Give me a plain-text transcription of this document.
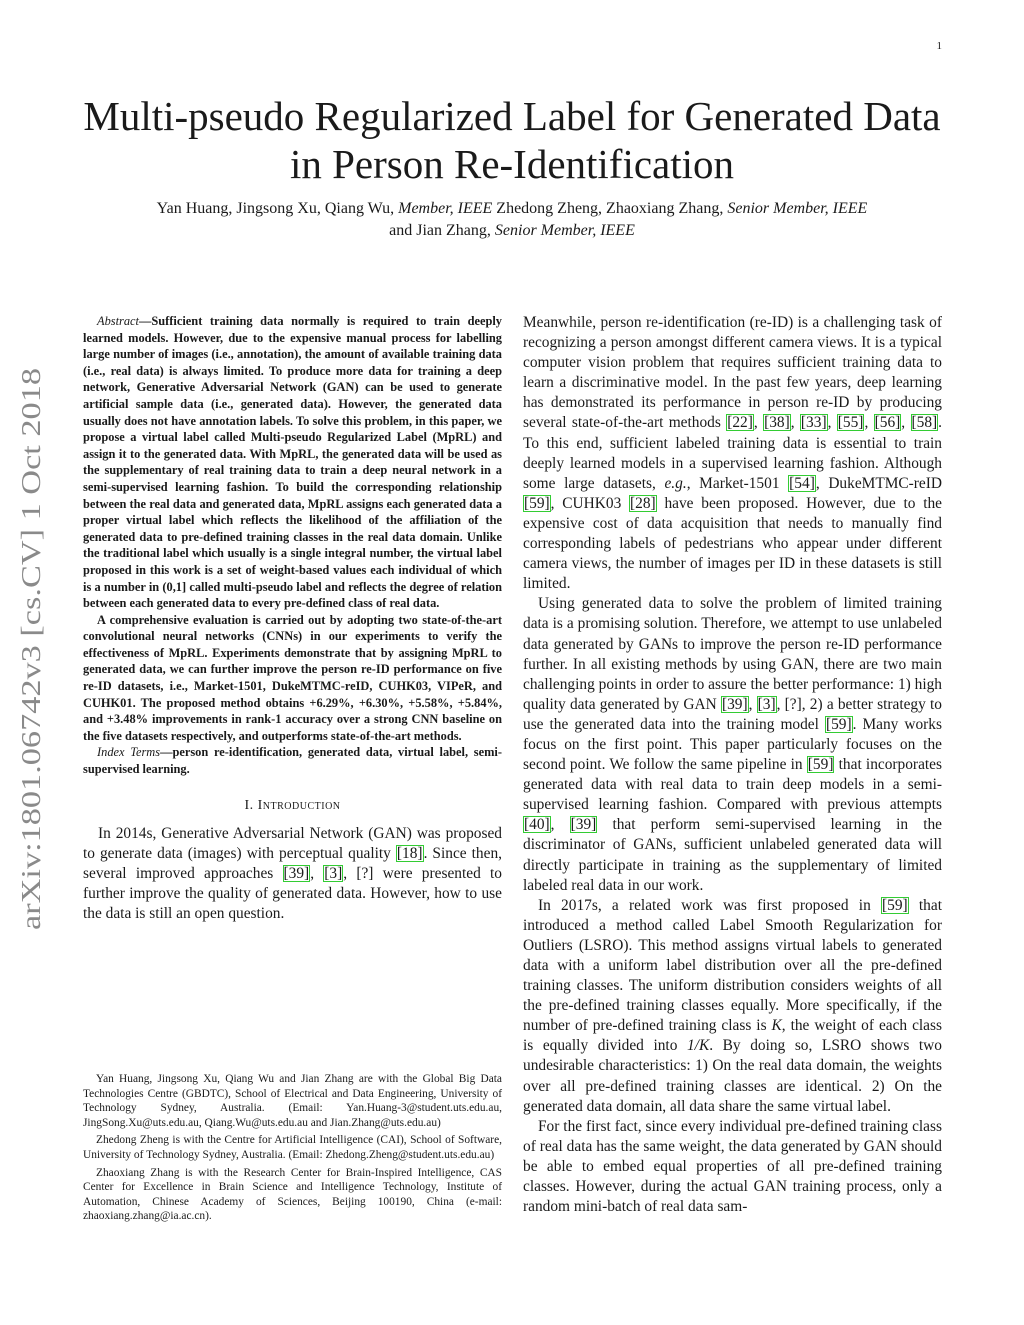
1
arXiv:1801.06742v3 [cs.CV] 1 Oct 2018
Multi-pseudo Regularized Label for Generated Data
in Person Re-Identification
Yan Huang, Jingsong Xu, Qiang Wu, Member, IEEE Zhedong Zheng, Zhaoxiang Zhang, Senior Member, IEEE
and Jian Zhang, Senior Member, IEEE

Abstract—Sufficient training data normally is required to train deeply learned models. However, due to the expensive manual process for labelling large number of images (i.e., annotation), the amount of available training data (i.e., real data) is always limited. To produce more data for training a deep network, Generative Adversarial Network (GAN) can be used to generate artificial sample data (i.e., generated data). However, the generated data usually does not have annotation labels. To solve this problem, in this paper, we propose a virtual label called Multi-pseudo Regularized Label (MpRL) and assign it to the generated data. With MpRL, the generated data will be used as the supplementary of real training data to train a deep neural network in a semi-supervised learning fashion. To build the corresponding relationship between the real data and generated data, MpRL assigns each generated data a proper virtual label which reflects the likelihood of the affiliation of the generated data to pre-defined training classes in the real data domain. Unlike the traditional label which usually is a single integral number, the virtual label proposed in this work is a set of weight-based values each individual of which is a number in (0,1] called multi-pseudo label and reflects the degree of relation between each generated data to every pre-defined class of real data.

A comprehensive evaluation is carried out by adopting two state-of-the-art convolutional neural networks (CNNs) in our experiments to verify the effectiveness of MpRL. Experiments demonstrate that by assigning MpRL to generated data, we can further improve the person re-ID performance on five re-ID datasets, i.e., Market-1501, DukeMTMC-reID, CUHK03, VIPeR, and CUHK01. The proposed method obtains +6.29%, +6.30%, +5.58%, +5.84%, and +3.48% improvements in rank-1 accuracy over a strong CNN baseline on the five datasets respectively, and outperforms state-of-the-art methods.

Index Terms—person re-identification, generated data, virtual label, semi-supervised learning.

I. Introduction

In 2014s, Generative Adversarial Network (GAN) was proposed to generate data (images) with perceptual quality [18]. Since then, several improved approaches [39], [3], [?] were presented to further improve the quality of generated data. However, how to use the data is still an open question.

Yan Huang, Jingsong Xu, Qiang Wu and Jian Zhang are with the Global Big Data Technologies Centre (GBDTC), School of Electrical and Data Engineering, University of Technology Sydney, Australia. (Email: Yan.Huang-3@student.uts.edu.au, JingSong.Xu@uts.edu.au, Qiang.Wu@uts.edu.au and Jian.Zhang@uts.edu.au)

Zhedong Zheng is with the Centre for Artificial Intelligence (CAI), School of Software, University of Technology Sydney, Australia. (Email: Zhedong.Zheng@student.uts.edu.au)

Zhaoxiang Zhang is with the Research Center for Brain-Inspired Intelligence, CAS Center for Excellence in Brain Science and Intelligence Technology, Institute of Automation, Chinese Academy of Sciences, Beijing 100190, China (e-mail: zhaoxiang.zhang@ia.ac.cn).

Meanwhile, person re-identification (re-ID) is a challenging task of recognizing a person amongst different camera views. It is a typical computer vision problem that requires sufficient training data to learn a discriminative model. In the past few years, deep learning has demonstrated its performance in person re-ID by producing several state-of-the-art methods [22], [38], [33], [55], [56], [58]. To this end, sufficient labeled training data is essential to train deeply learned models in a supervised learning fashion. Although some large datasets, e.g., Market-1501 [54], DukeMTMC-reID [59], CUHK03 [28] have been proposed. However, due to the expensive cost of data acquisition that needs to manually find corresponding labels of pedestrians who appear under different camera views, the number of images per ID in these datasets is still limited.

Using generated data to solve the problem of limited training data is a promising solution. Therefore, we attempt to use unlabeled data generated by GANs to improve the person re-ID performance further. In all existing methods by using GAN, there are two main challenging points in order to assure the better performance: 1) high quality data generated by GAN [39], [3], [?], 2) a better strategy to use the generated data into the training model [59]. Many works focus on the first point. This paper particularly focuses on the second point. We follow the same pipeline in [59] that incorporates generated data with real data to train deep models in a semi-supervised learning fashion. Compared with previous attempts [40], [39] that perform semi-supervised learning in the discriminator of GANs, sufficient unlabeled generated data will directly participate in training as the supplementary of limited labeled real data in our work.

In 2017s, a related work was first proposed in [59] that introduced a method called Label Smooth Regularization for Outliers (LSRO). This method assigns virtual labels to generated data with a uniform label distribution over all the pre-defined training classes. The uniform distribution considers weights of all the pre-defined training classes equally. More specifically, if the number of pre-defined training class is K, the weight of each class is equally divided into 1/K. By doing so, LSRO shows two undesirable characteristics: 1) On the real data domain, the weights over all pre-defined training classes are identical. 2) On the generated data domain, all data share the same virtual label.

For the first fact, since every individual pre-defined training class of real data has the same weight, the data generated by GAN should be able to embed equal properties of all pre-defined training classes. However, during the actual GAN training process, only a random mini-batch of real data sam-
